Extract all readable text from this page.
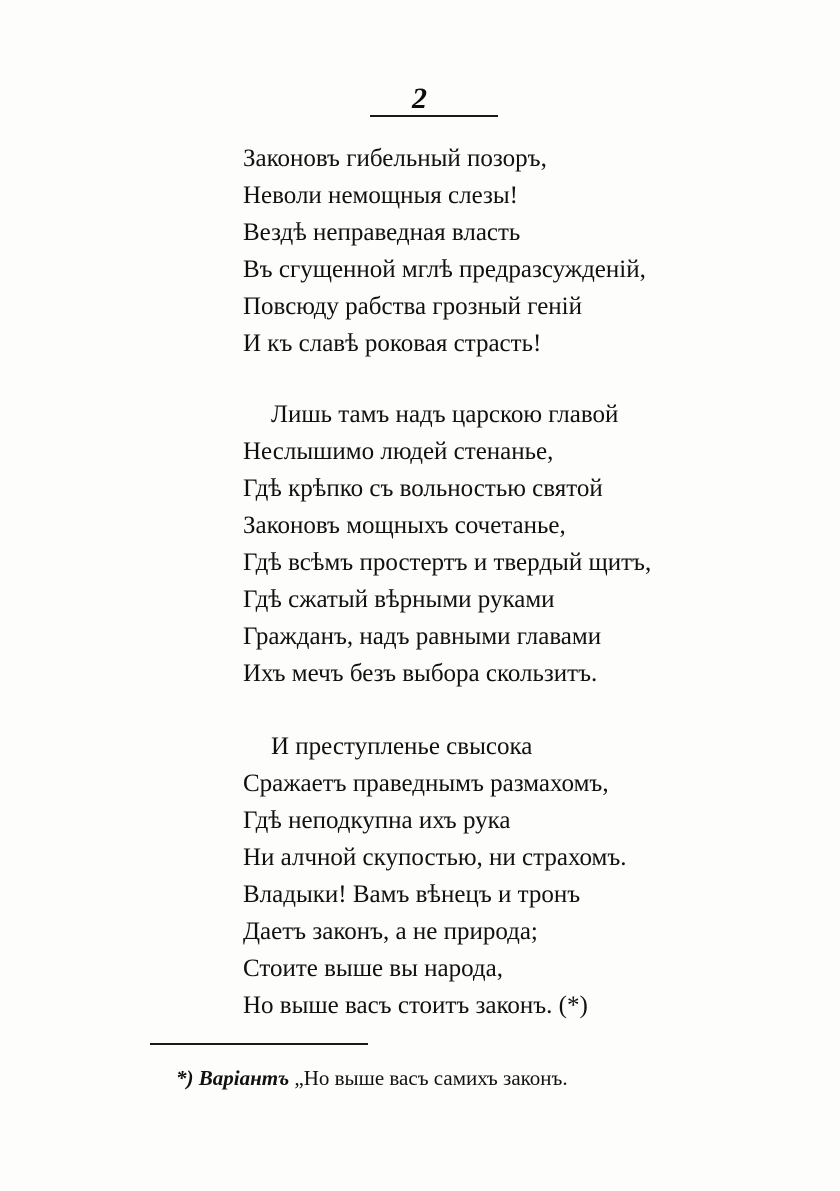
2
Законовъ гибельный позоръ,
Неволи немощныя слезы!
Вездѣ неправедная власть
Въ сгущенной мглѣ предразсужденій,
Повсюду рабства грозный геній
И къ славѣ роковая страсть!
Лишь тамъ надъ царскою главой
Неслышимо людей стенанье,
Гдѣ крѣпко съ вольностью святой
Законовъ мощныхъ сочетанье,
Гдѣ всѣмъ простертъ и твердый щитъ,
Гдѣ сжатый вѣрными руками
Гражданъ, надъ равными главами
Ихъ мечъ безъ выбора скользитъ.
И преступленье свысока
Сражаетъ праведнымъ размахомъ,
Гдѣ неподкупна ихъ рука
Ни алчной скупостью, ни страхомъ.
Владыки! Вамъ вѣнецъ и тронъ
Даетъ законъ, а не природа;
Стоите выше вы народа,
Но выше васъ стоитъ законъ. (*)
*) Варіантъ „Но выше васъ самихъ законъ.
